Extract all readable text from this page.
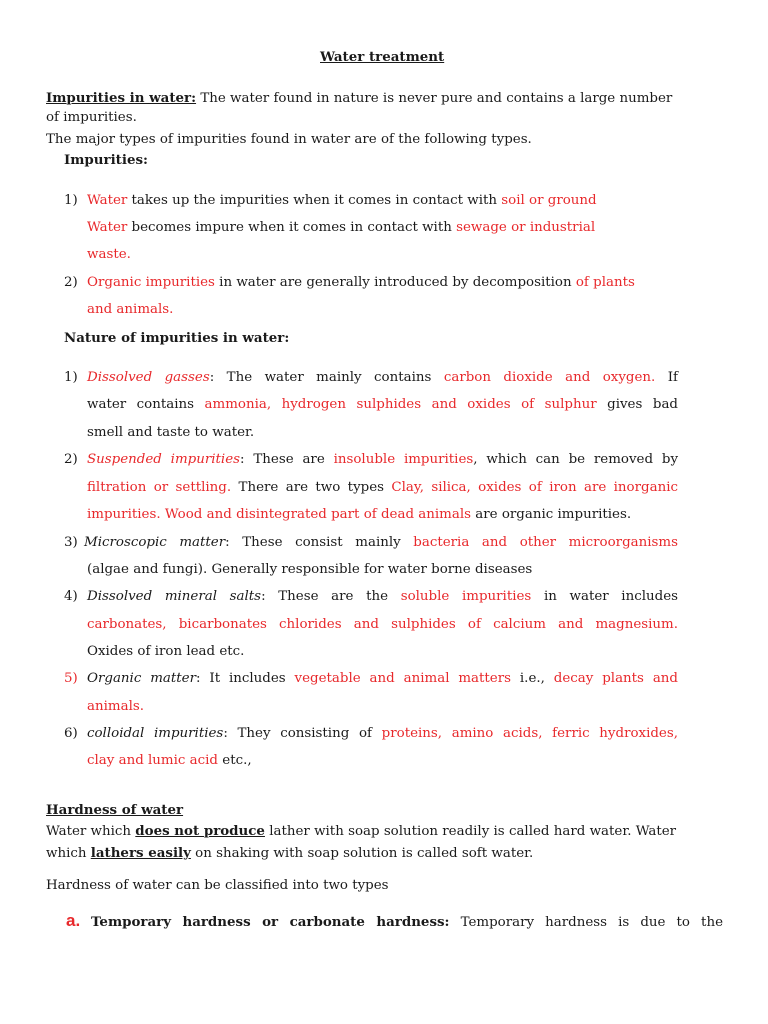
Water treatment
Impurities in water: The water found in nature is never pure and contains a large number
of impurities.
The major types of impurities found in water are of the following types.
Impurities:
1) Water takes up the impurities when it comes in contact with soil or ground
Water becomes impure when it comes in contact with sewage or industrial
waste.
2) Organic impurities in water are generally introduced by decomposition of plants
and animals.
Nature of impurities in water:
1) Dissolved gasses: The water mainly contains carbon dioxide and oxygen. If
water contains ammonia, hydrogen sulphides and oxides of sulphur gives bad
smell and taste to water.
2) Suspended impurities: These are insoluble impurities, which can be removed by
filtration or settling. There are two types Clay, silica, oxides of iron are inorganic
impurities. Wood and disintegrated part of dead animals are organic impurities.
3) Microscopic matter: These consist mainly bacteria and other microorganisms
(algae and fungi). Generally responsible for water borne diseases
4) Dissolved mineral salts: These are the soluble impurities in water includes
carbonates, bicarbonates chlorides and sulphides of calcium and magnesium.
Oxides of iron lead etc.
5) Organic matter: It includes vegetable and animal matters i.e., decay plants and
animals.
6) colloidal impurities: They consisting of proteins, amino acids, ferric hydroxides,
clay and lumic acid etc.,
Hardness of water
Water which does not produce lather with soap solution readily is called hard water. Water
which lathers easily on shaking with soap solution is called soft water.
Hardness of water can be classified into two types
a. Temporary hardness or carbonate hardness: Temporary hardness is due to the
